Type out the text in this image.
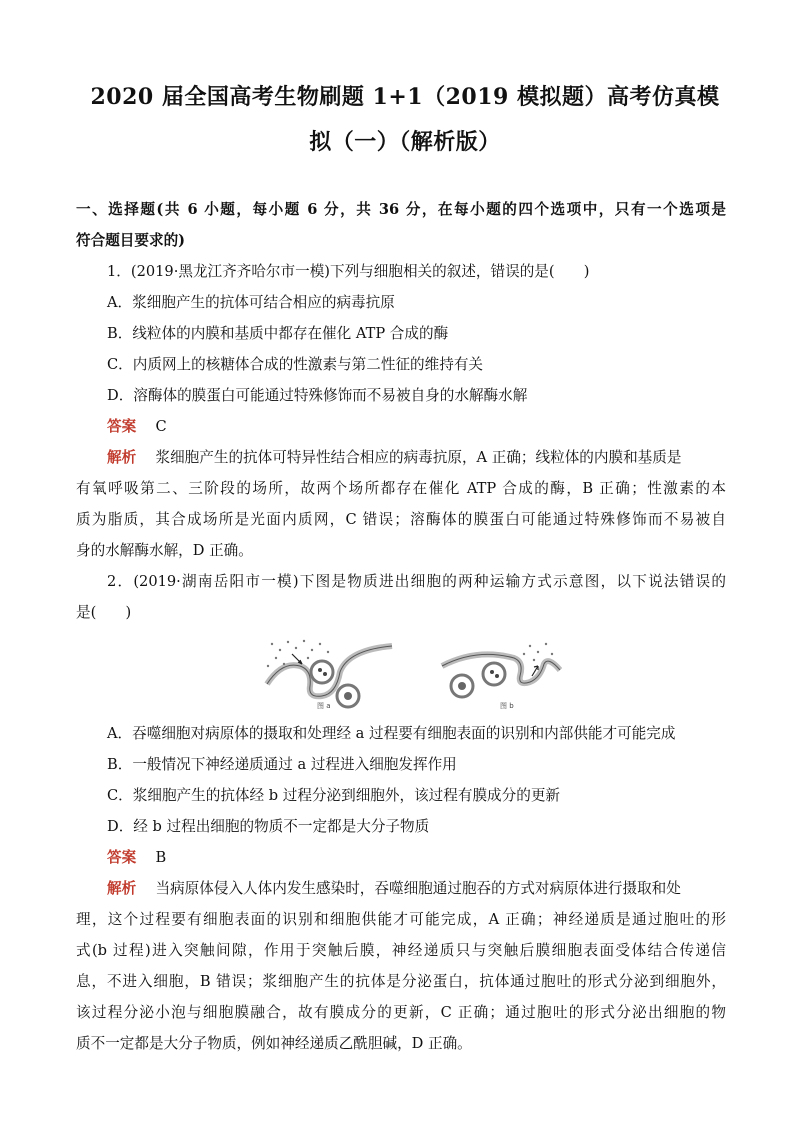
2020 届全国高考生物刷题 1+1（2019 模拟题）高考仿真模
拟（一）（解析版）
一、选择题(共 6 小题，每小题 6 分，共 36 分，在每小题的四个选项中，只有一个选项是
符合题目要求的)
1．(2019·黑龙江齐齐哈尔市一模)下列与细胞相关的叙述，错误的是(　　)
A．浆细胞产生的抗体可结合相应的病毒抗原
B．线粒体的内膜和基质中都存在催化 ATP 合成的酶
C．内质网上的核糖体合成的性激素与第二性征的维持有关
D．溶酶体的膜蛋白可能通过特殊修饰而不易被自身的水解酶水解
答案 C
解析 浆细胞产生的抗体可特异性结合相应的病毒抗原，A 正确；线粒体的内膜和基质是
有氧呼吸第二、三阶段的场所，故两个场所都存在催化 ATP 合成的酶，B 正确；性激素的本
质为脂质，其合成场所是光面内质网，C 错误；溶酶体的膜蛋白可能通过特殊修饰而不易被自
身的水解酶水解，D 正确。
2．(2019·湖南岳阳市一模)下图是物质进出细胞的两种运输方式示意图，以下说法错误的
是(　　)
图 a	图 b
A．吞噬细胞对病原体的摄取和处理经 a 过程要有细胞表面的识别和内部供能才可能完成
B．一般情况下神经递质通过 a 过程进入细胞发挥作用
C．浆细胞产生的抗体经 b 过程分泌到细胞外，该过程有膜成分的更新
D．经 b 过程出细胞的物质不一定都是大分子物质
答案 B
解析 当病原体侵入人体内发生感染时，吞噬细胞通过胞吞的方式对病原体进行摄取和处
理，这个过程要有细胞表面的识别和细胞供能才可能完成，A 正确；神经递质是通过胞吐的形
式(b 过程)进入突触间隙，作用于突触后膜，神经递质只与突触后膜细胞表面受体结合传递信
息，不进入细胞，B 错误；浆细胞产生的抗体是分泌蛋白，抗体通过胞吐的形式分泌到细胞外，
该过程分泌小泡与细胞膜融合，故有膜成分的更新，C 正确；通过胞吐的形式分泌出细胞的物
质不一定都是大分子物质，例如神经递质乙酰胆碱，D 正确。
